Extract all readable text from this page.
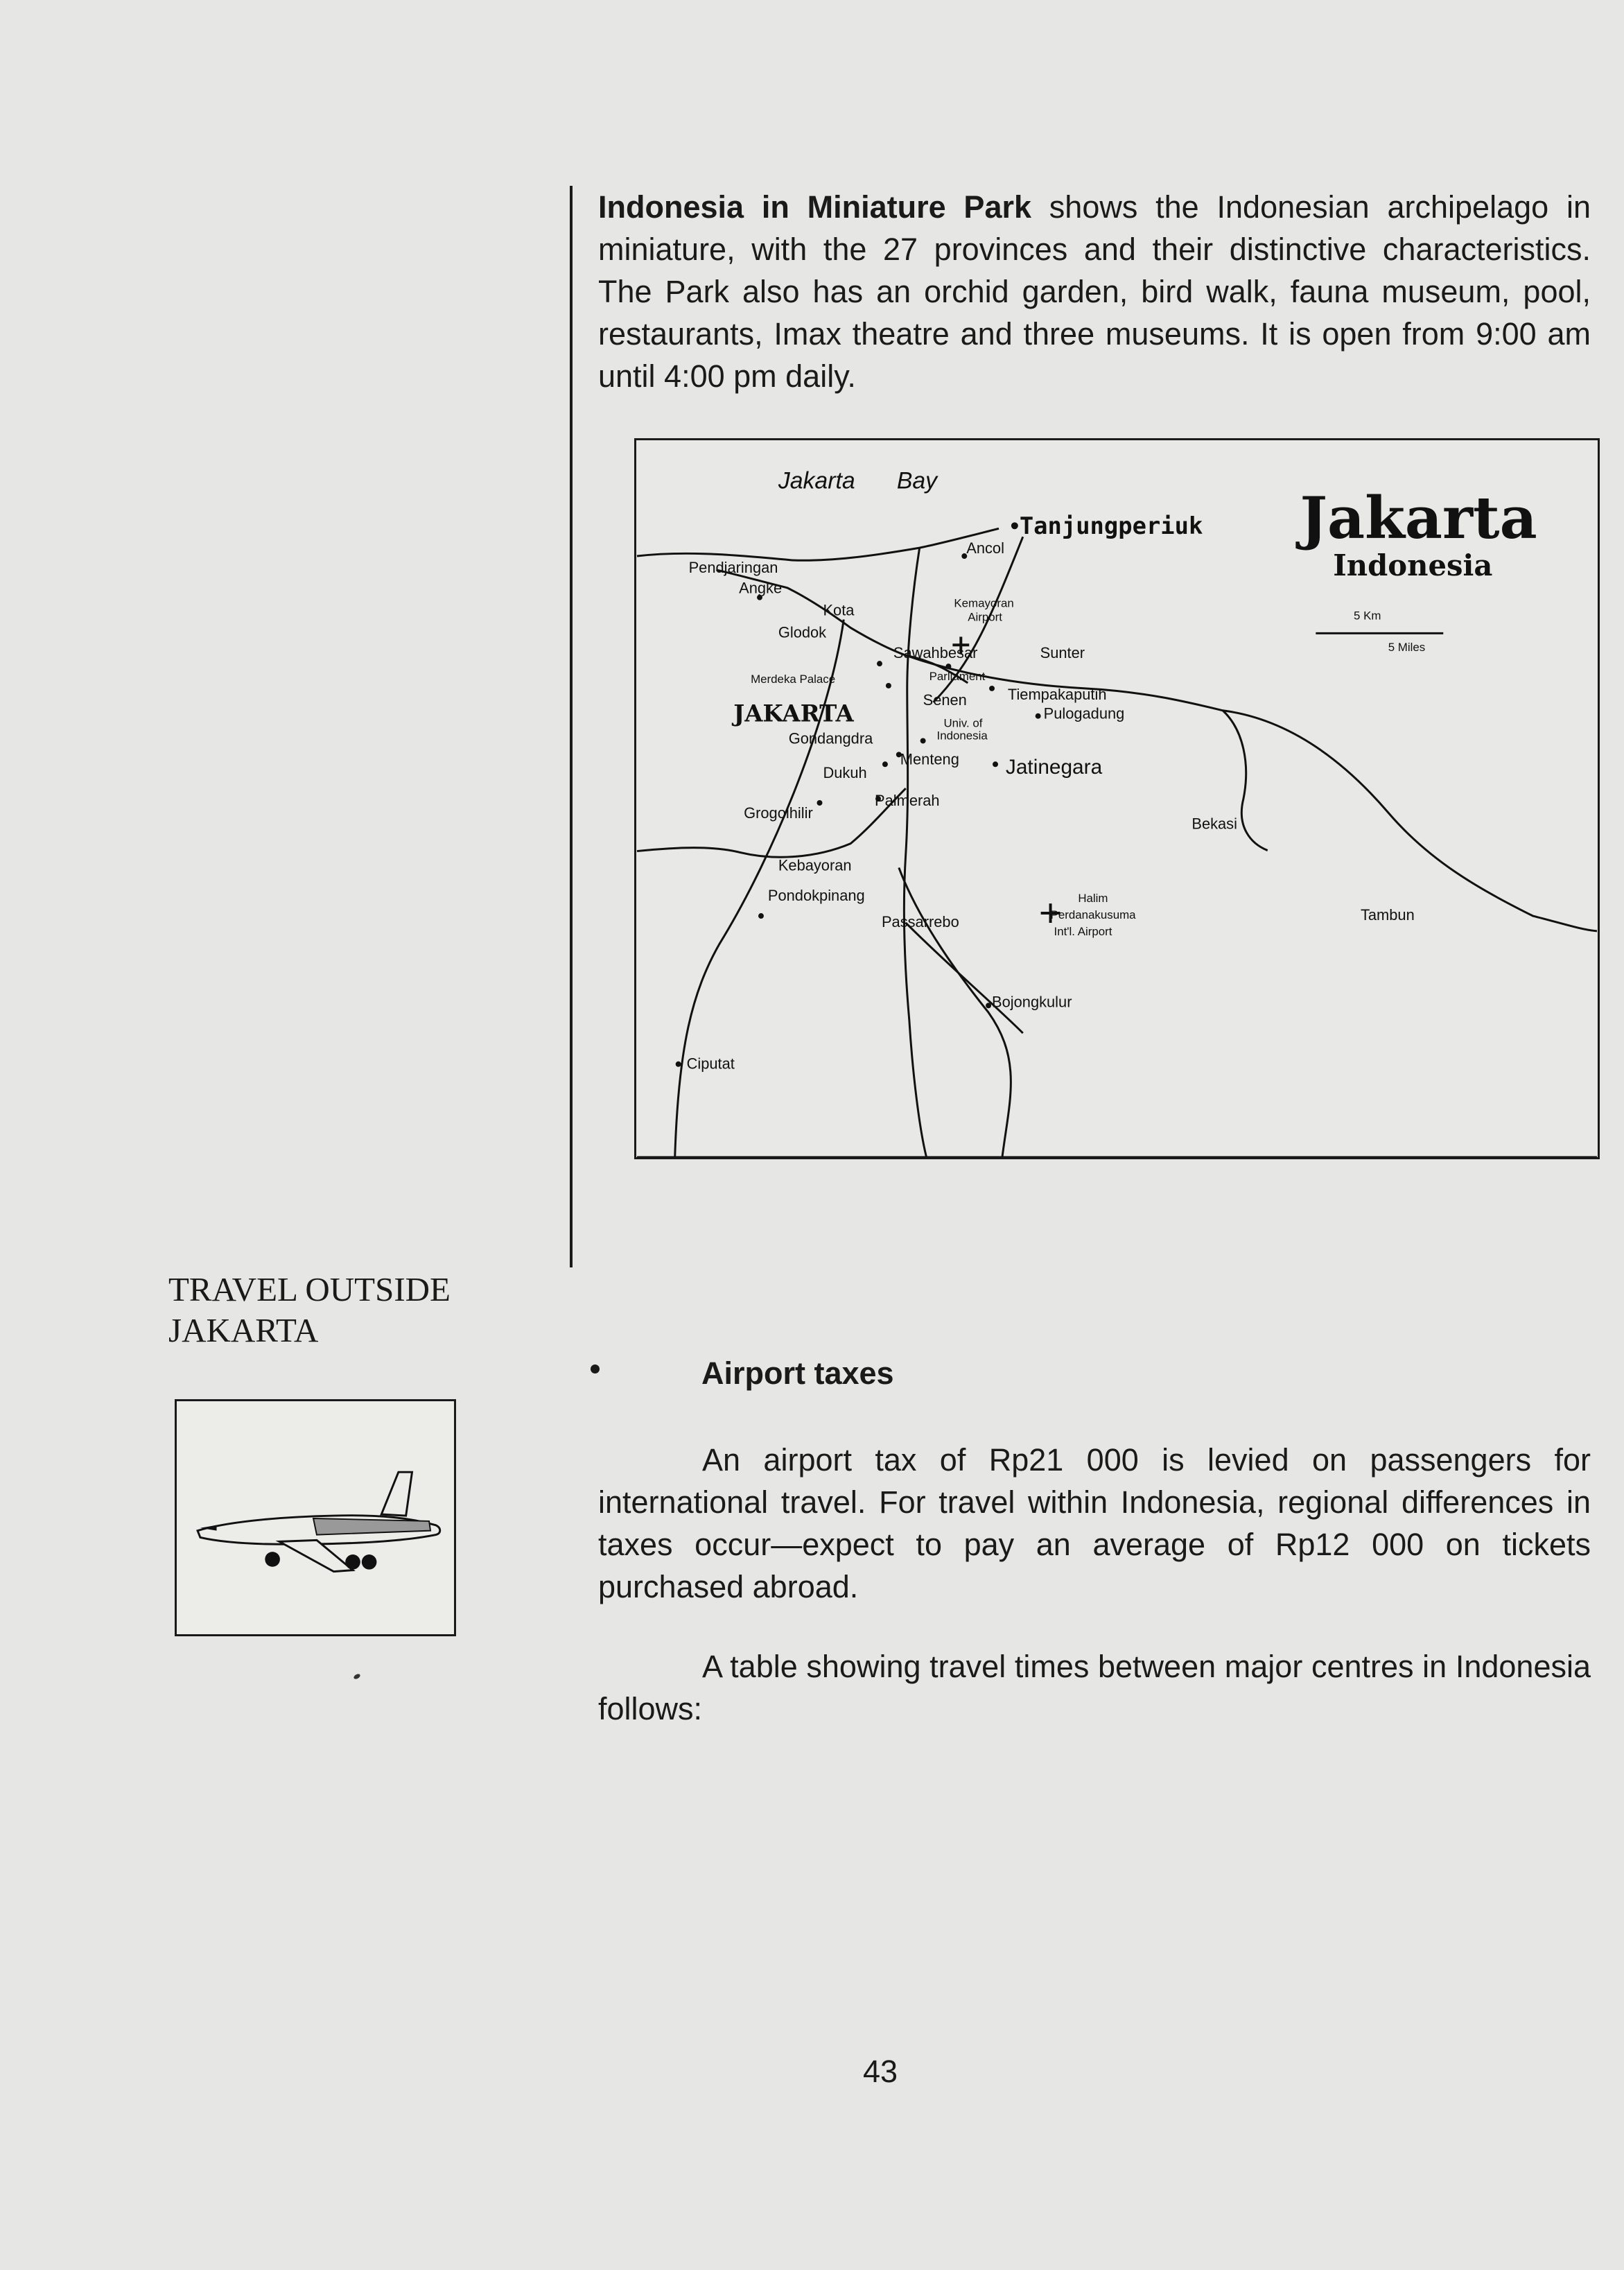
Indonesia in Miniature Park shows the Indonesian archipelago in miniature, with the 27 provinces and their distinctive characteristics. The Park also has an orchid garden, bird walk, fauna museum, pool, restaurants, Imax theatre and three museums. It is open from 9:00 am until 4:00 pm daily.

Jakarta Bay
Jakarta
Indonesia
5 Km
5 Miles
Tanjungperiuk
Ancol
Pendjaringan
Angke
Kota
Glodok
Kemayoran
Airport
Sawahbesar	Sunter
Merdeka Palace	Parliament
Senen	Tiempakaputih
Pulogadung
JAKARTA	Univ. of
Indonesia
Gondangdra
Menteng Jatinegara
Dukuh
Palmerah
Grogolhilir
Bekasi
Kebayoran
Halim
Perdanakusuma
Int'l. Airport
Pondokpinang
Passarrebo	Tambun
Bojongkulur
Ciputat
TRAVEL OUTSIDE
JAKARTA

Airport taxes

An airport tax of Rp21 000 is levied on passengers for international travel. For travel within Indonesia, regional differences in taxes occur—expect to pay an average of Rp12 000 on tickets purchased abroad.

A table showing travel times between major centres in Indonesia follows:

43
